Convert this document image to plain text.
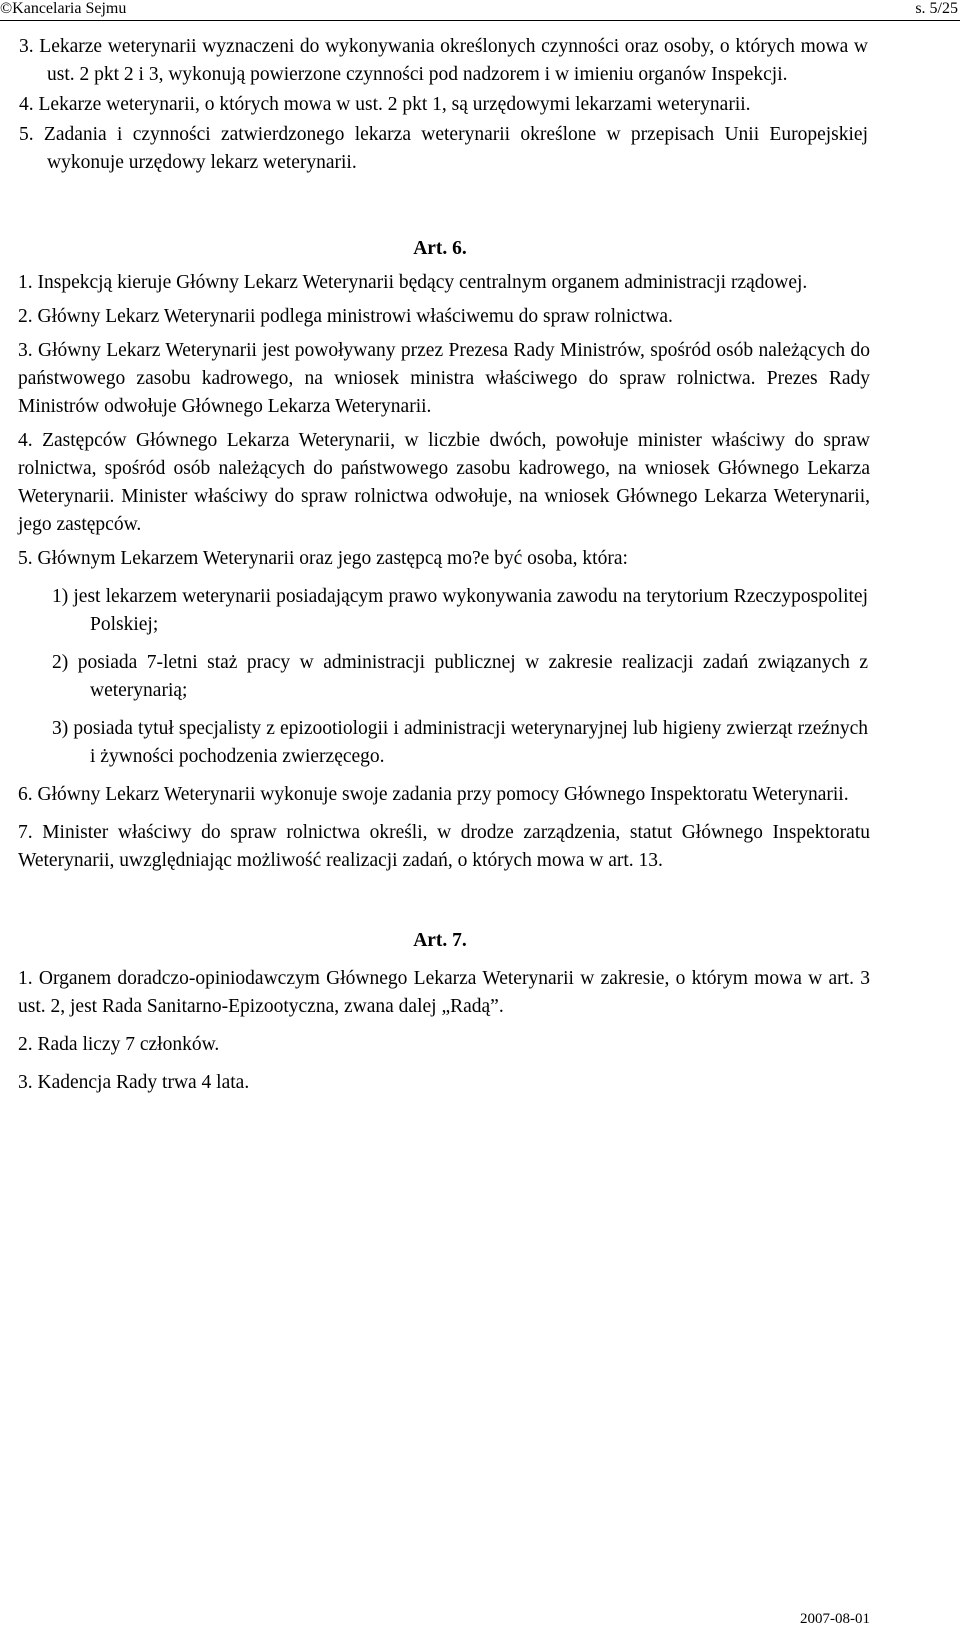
©Kancelaria Sejmu	s. 5/25

3. Lekarze weterynarii wyznaczeni do wykonywania określonych czynności oraz osoby, o których mowa w ust. 2 pkt 2 i 3, wykonują powierzone czynności pod nadzorem i w imieniu organów Inspekcji.

4. Lekarze weterynarii, o których mowa w ust. 2 pkt 1, są urzędowymi lekarzami weterynarii.

5. Zadania i czynności zatwierdzonego lekarza weterynarii określone w przepisach Unii Europejskiej wykonuje urzędowy lekarz weterynarii.

Art. 6.

1. Inspekcją kieruje Główny Lekarz Weterynarii będący centralnym organem administracji rządowej.

2. Główny Lekarz Weterynarii podlega ministrowi właściwemu do spraw rolnictwa.

3. Główny Lekarz Weterynarii jest powoływany przez Prezesa Rady Ministrów, spośród osób należących do państwowego zasobu kadrowego, na wniosek ministra właściwego do spraw rolnictwa. Prezes Rady Ministrów odwołuje Głównego Lekarza Weterynarii.

4. Zastępców Głównego Lekarza Weterynarii, w liczbie dwóch, powołuje minister właściwy do spraw rolnictwa, spośród osób należących do państwowego zasobu kadrowego, na wniosek Głównego Lekarza Weterynarii. Minister właściwy do spraw rolnictwa odwołuje, na wniosek Głównego Lekarza Weterynarii, jego zastępców.

5. Głównym Lekarzem Weterynarii oraz jego zastępcą mo?e być osoba, która:

1) jest lekarzem weterynarii posiadającym prawo wykonywania zawodu na terytorium Rzeczypospolitej Polskiej;

2) posiada 7-letni staż pracy w administracji publicznej w zakresie realizacji zadań związanych z weterynarią;

3) posiada tytuł specjalisty z epizootiologii i administracji weterynaryjnej lub higieny zwierząt rzeźnych i żywności pochodzenia zwierzęcego.

6. Główny Lekarz Weterynarii wykonuje swoje zadania przy pomocy Głównego Inspektoratu Weterynarii.

7. Minister właściwy do spraw rolnictwa określi, w drodze zarządzenia, statut Głównego Inspektoratu Weterynarii, uwzględniając możliwość realizacji zadań, o których mowa w art. 13.

Art. 7.

1. Organem doradczo-opiniodawczym Głównego Lekarza Weterynarii w zakresie, o którym mowa w art. 3 ust. 2, jest Rada Sanitarno-Epizootyczna, zwana dalej „Radą”.

2. Rada liczy 7 członków.

3. Kadencja Rady trwa 4 lata.

2007-08-01
